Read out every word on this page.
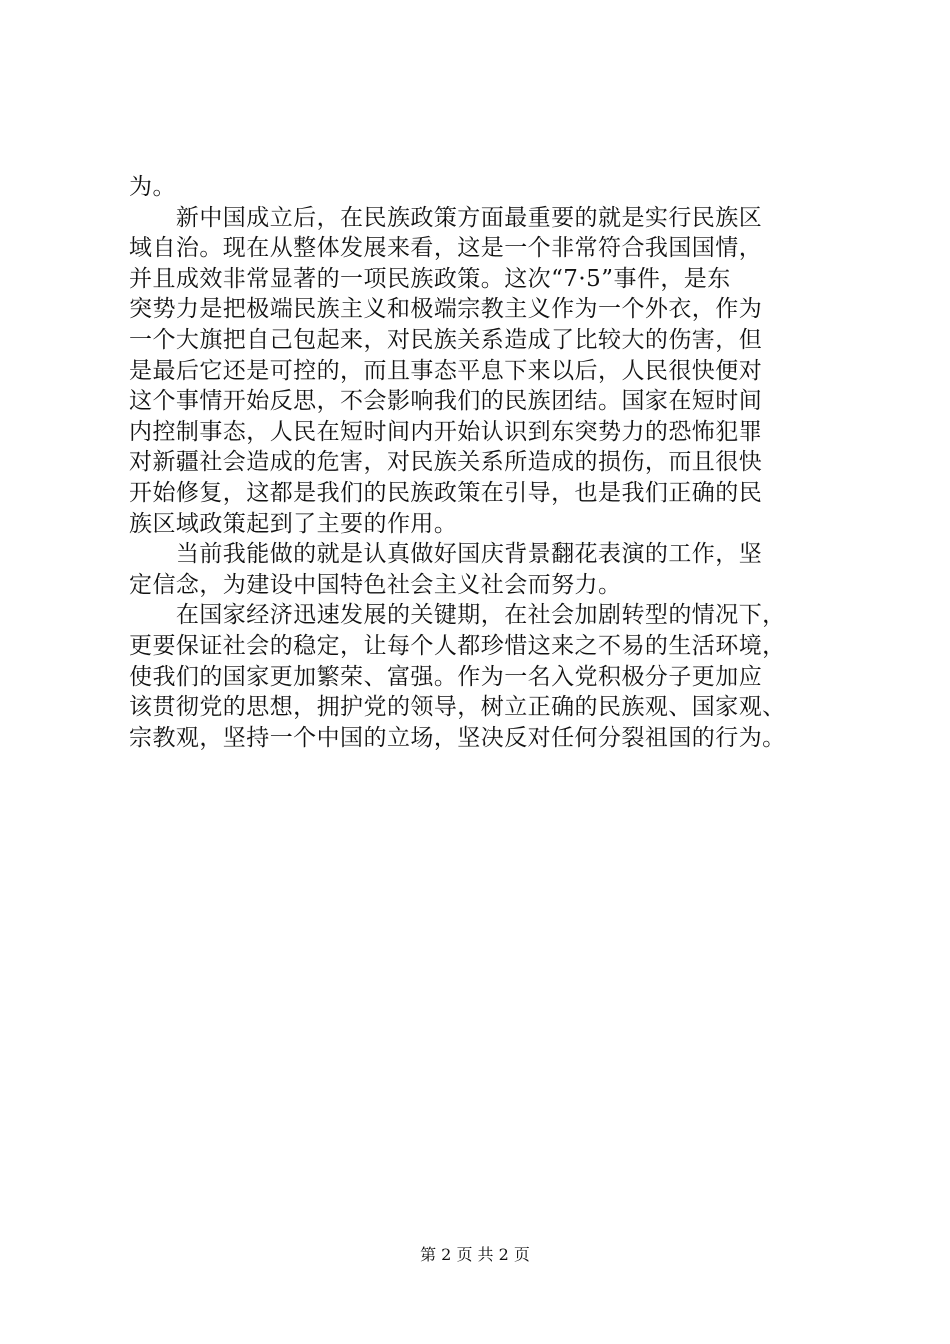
为。
　　新中国成立后，在民族政策方面最重要的就是实行民族区
域自治。现在从整体发展来看，这是一个非常符合我国国情，
并且成效非常显著的一项民族政策。这次“7·5”事件，是东
突势力是把极端民族主义和极端宗教主义作为一个外衣，作为
一个大旗把自己包起来，对民族关系造成了比较大的伤害，但
是最后它还是可控的，而且事态平息下来以后，人民很快便对
这个事情开始反思，不会影响我们的民族团结。国家在短时间
内控制事态，人民在短时间内开始认识到东突势力的恐怖犯罪
对新疆社会造成的危害，对民族关系所造成的损伤，而且很快
开始修复，这都是我们的民族政策在引导，也是我们正确的民
族区域政策起到了主要的作用。
　　当前我能做的就是认真做好国庆背景翻花表演的工作，坚
定信念，为建设中国特色社会主义社会而努力。
　　在国家经济迅速发展的关键期，在社会加剧转型的情况下，
更要保证社会的稳定，让每个人都珍惜这来之不易的生活环境，
使我们的国家更加繁荣、富强。作为一名入党积极分子更加应
该贯彻党的思想，拥护党的领导，树立正确的民族观、国家观、
宗教观，坚持一个中国的立场，坚决反对任何分裂祖国的行为。
第 2 页 共 2 页
